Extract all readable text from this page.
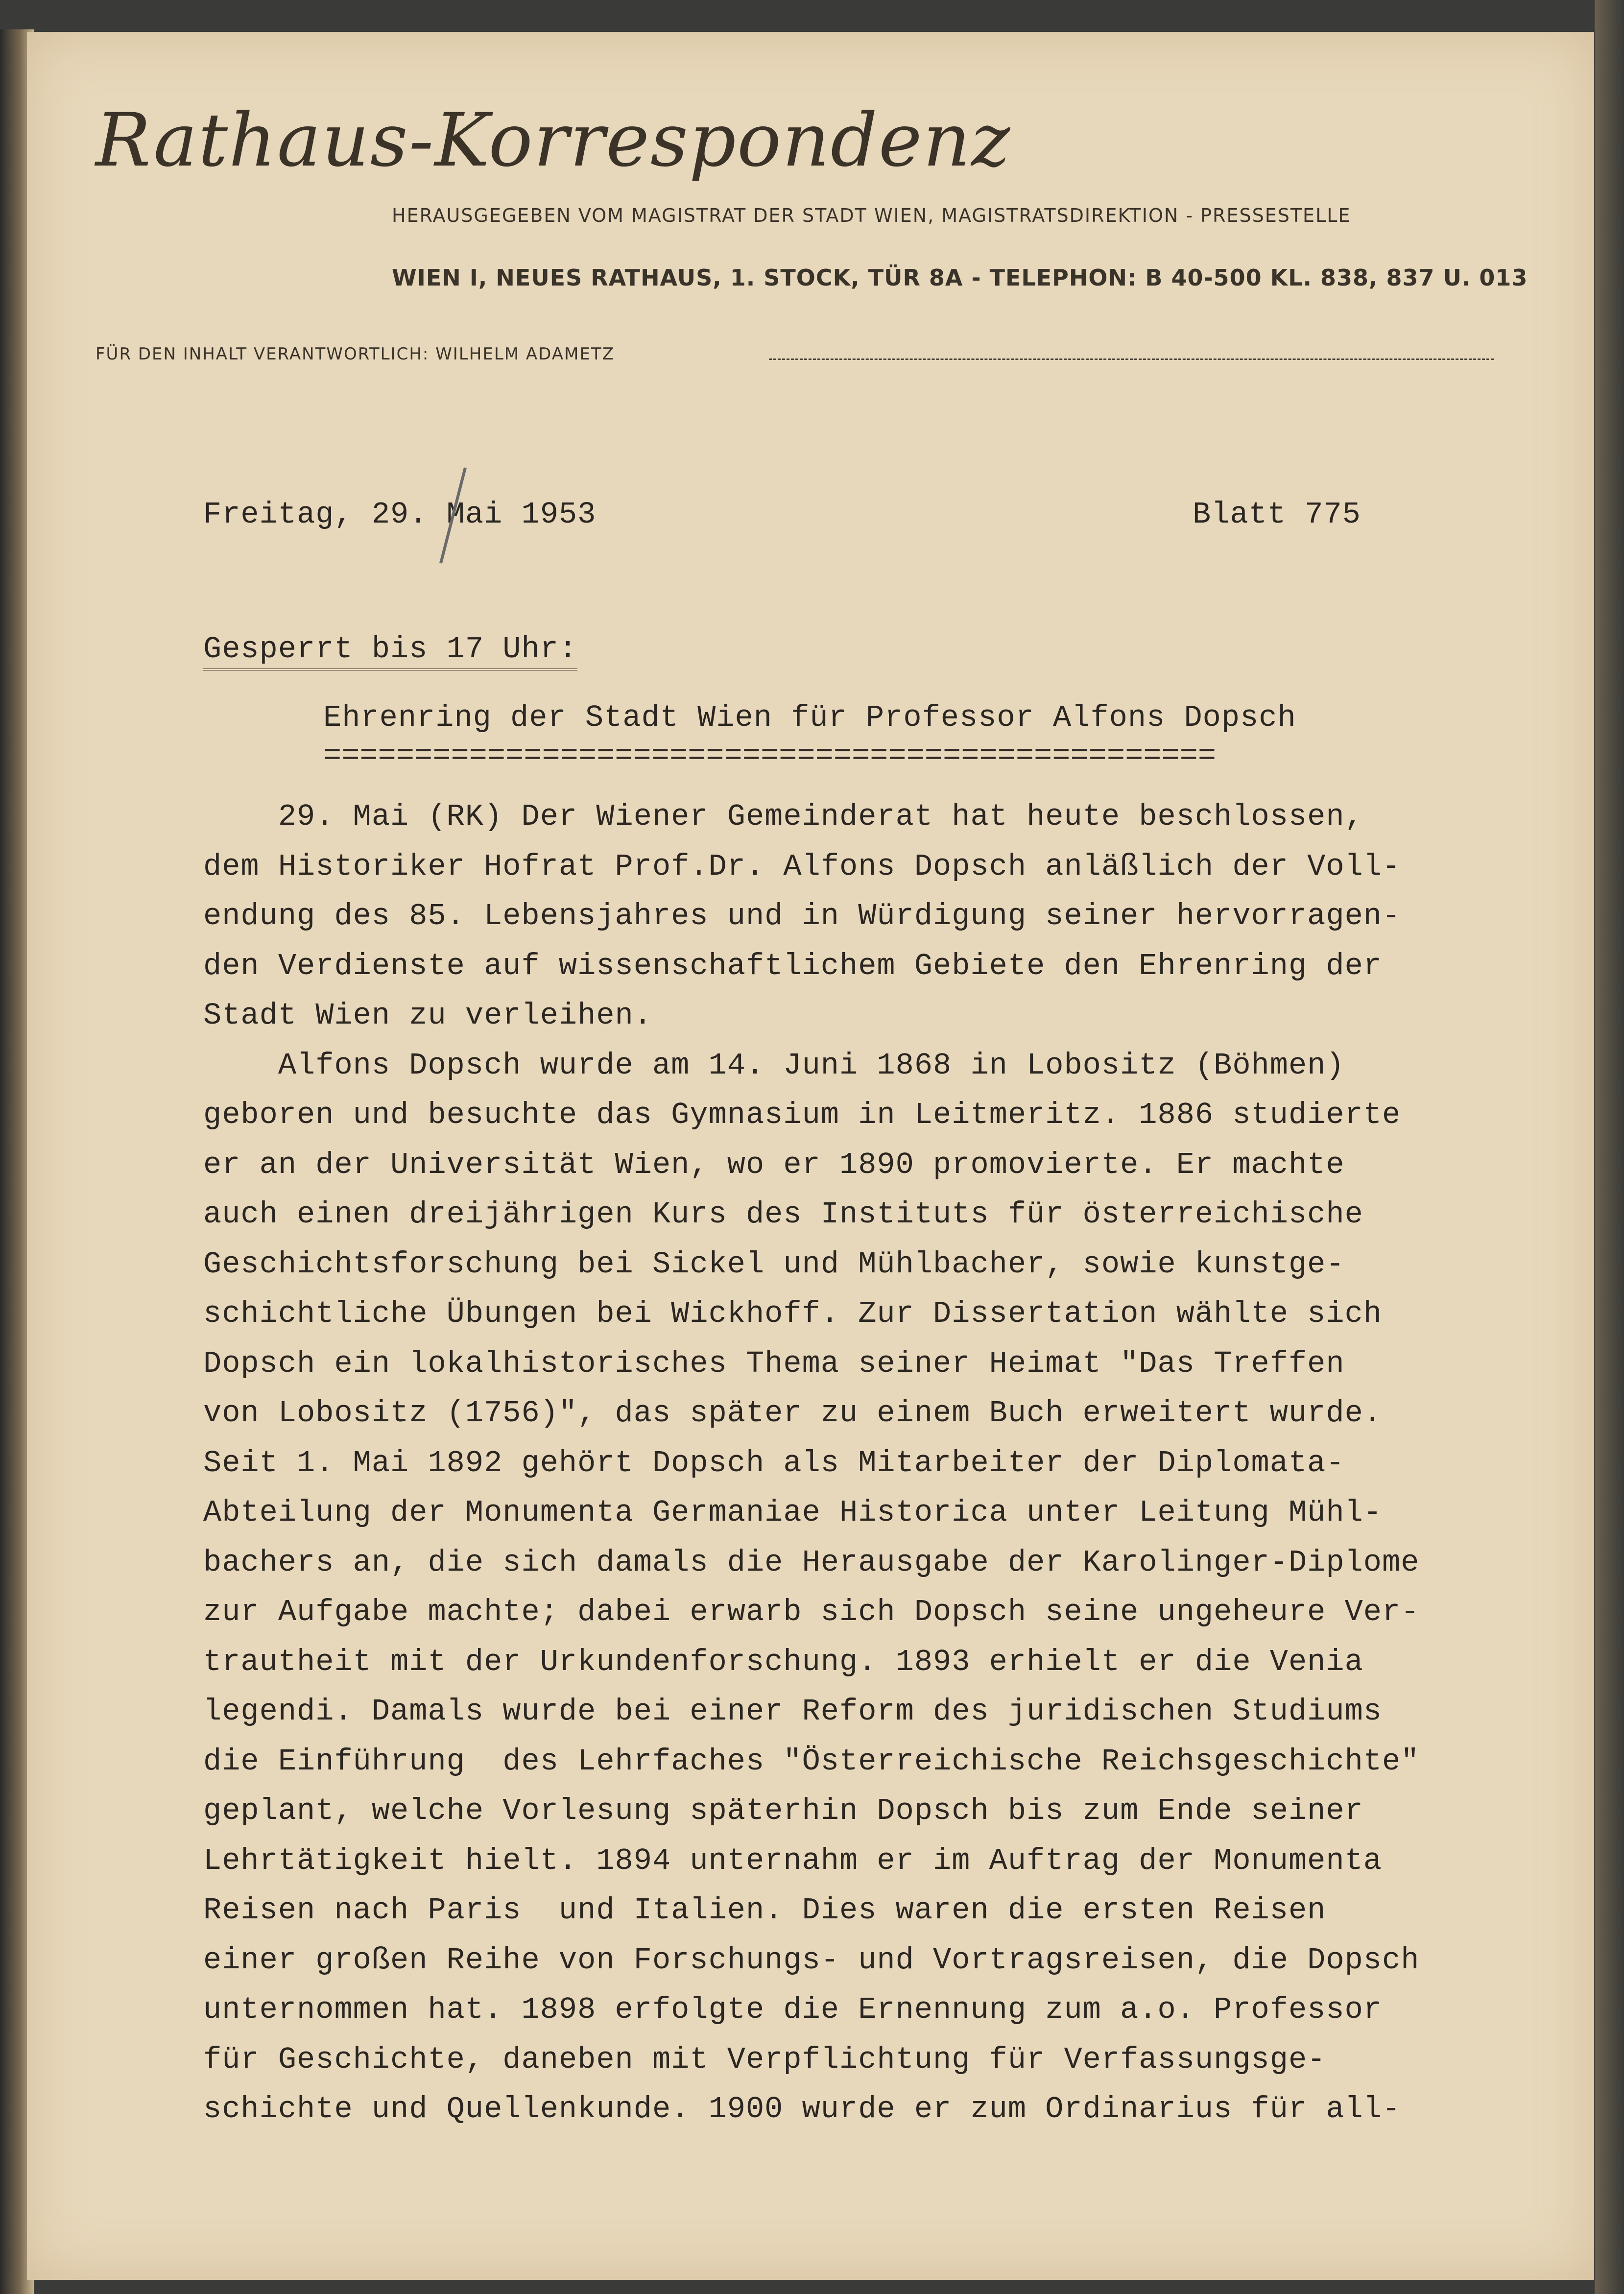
Rathaus-Korrespondenz
HERAUSGEGEBEN VOM MAGISTRAT DER STADT WIEN, MAGISTRATSDIREKTION - PRESSESTELLE
WIEN I, NEUES RATHAUS, 1. STOCK, TÜR 8A - TELEPHON: B 40-500 KL. 838, 837 U. 013
FÜR DEN INHALT VERANTWORTLICH: WILHELM ADAMETZ
Freitag, 29. Mai 1953	Blatt 775
Gesperrt bis 17 Uhr:
Ehrenring der Stadt Wien für Professor Alfons Dopsch
=================================================
29. Mai (RK) Der Wiener Gemeinderat hat heute beschlossen,
dem Historiker Hofrat Prof.Dr. Alfons Dopsch anläßlich der Voll-
endung des 85. Lebensjahres und in Würdigung seiner hervorragen-
den Verdienste auf wissenschaftlichem Gebiete den Ehrenring der
Stadt Wien zu verleihen.
Alfons Dopsch wurde am 14. Juni 1868 in Lobositz (Böhmen)
geboren und besuchte das Gymnasium in Leitmeritz. 1886 studierte
er an der Universität Wien, wo er 1890 promovierte. Er machte
auch einen dreijährigen Kurs des Instituts für österreichische
Geschichtsforschung bei Sickel und Mühlbacher, sowie kunstge-
schichtliche Übungen bei Wickhoff. Zur Dissertation wählte sich
Dopsch ein lokalhistorisches Thema seiner Heimat "Das Treffen
von Lobositz (1756)", das später zu einem Buch erweitert wurde.
Seit 1. Mai 1892 gehört Dopsch als Mitarbeiter der Diplomata-
Abteilung der Monumenta Germaniae Historica unter Leitung Mühl-
bachers an, die sich damals die Herausgabe der Karolinger-Diplome
zur Aufgabe machte; dabei erwarb sich Dopsch seine ungeheure Ver-
trautheit mit der Urkundenforschung. 1893 erhielt er die Venia
legendi. Damals wurde bei einer Reform des juridischen Studiums
die Einführung  des Lehrfaches "Österreichische Reichsgeschichte"
geplant, welche Vorlesung späterhin Dopsch bis zum Ende seiner
Lehrtätigkeit hielt. 1894 unternahm er im Auftrag der Monumenta
Reisen nach Paris  und Italien. Dies waren die ersten Reisen
einer großen Reihe von Forschungs- und Vortragsreisen, die Dopsch
unternommen hat. 1898 erfolgte die Ernennung zum a.o. Professor
für Geschichte, daneben mit Verpflichtung für Verfassungsge-
schichte und Quellenkunde. 1900 wurde er zum Ordinarius für all-
